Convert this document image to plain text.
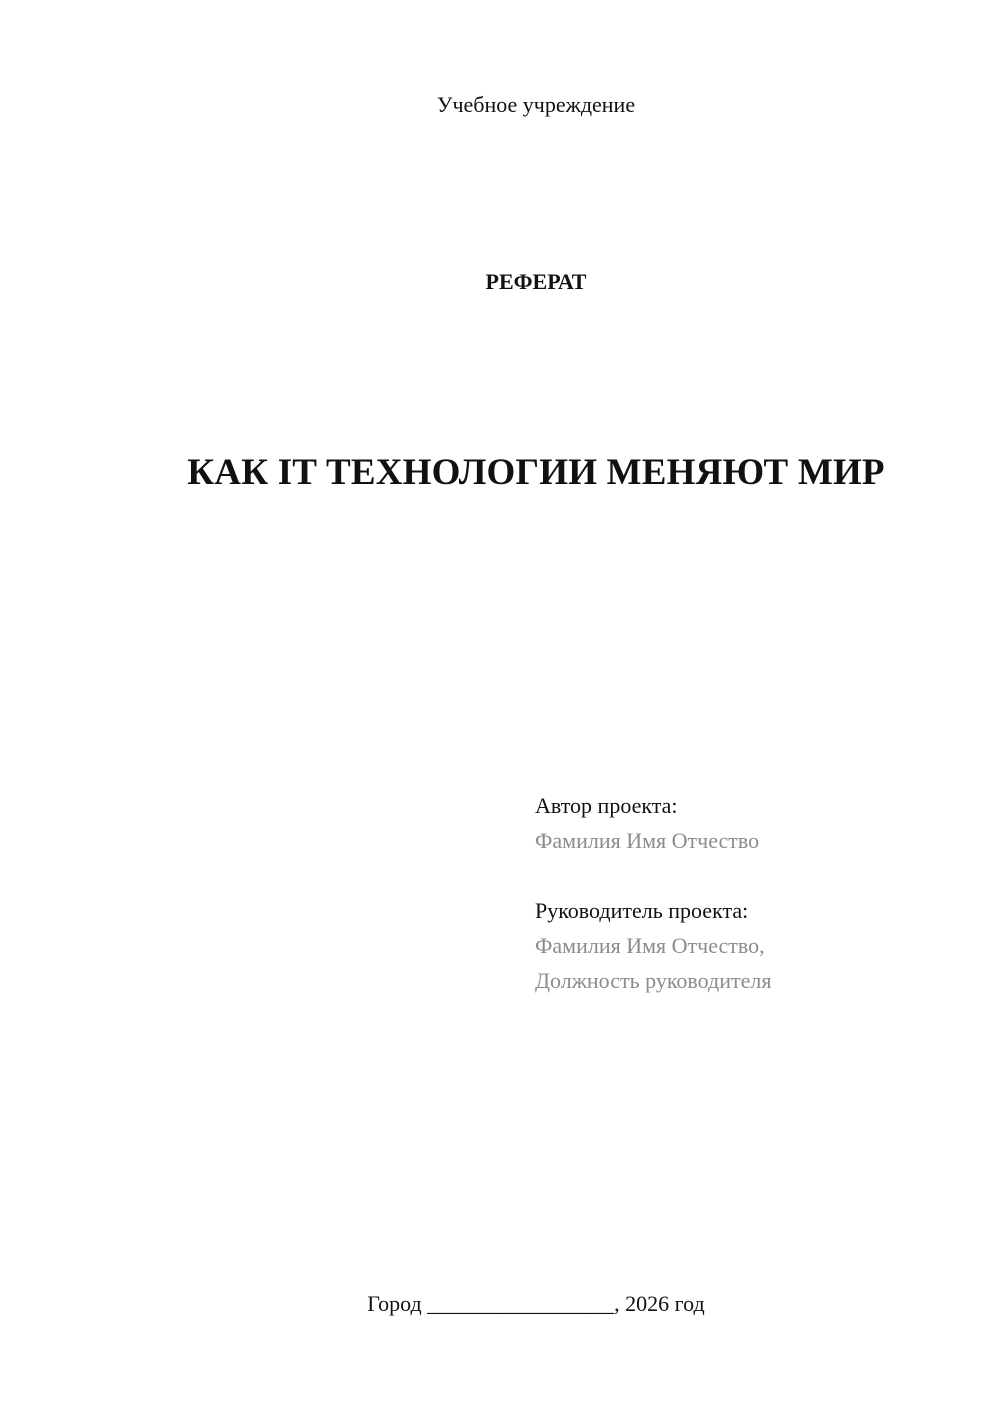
Учебное учреждение
РЕФЕРАТ
КАК IT ТЕХНОЛОГИИ МЕНЯЮТ МИР
Автор проекта:
Фамилия Имя Отчество
Руководитель проекта:
Фамилия Имя Отчество,
Должность руководителя
Город _________________, 2026 год
